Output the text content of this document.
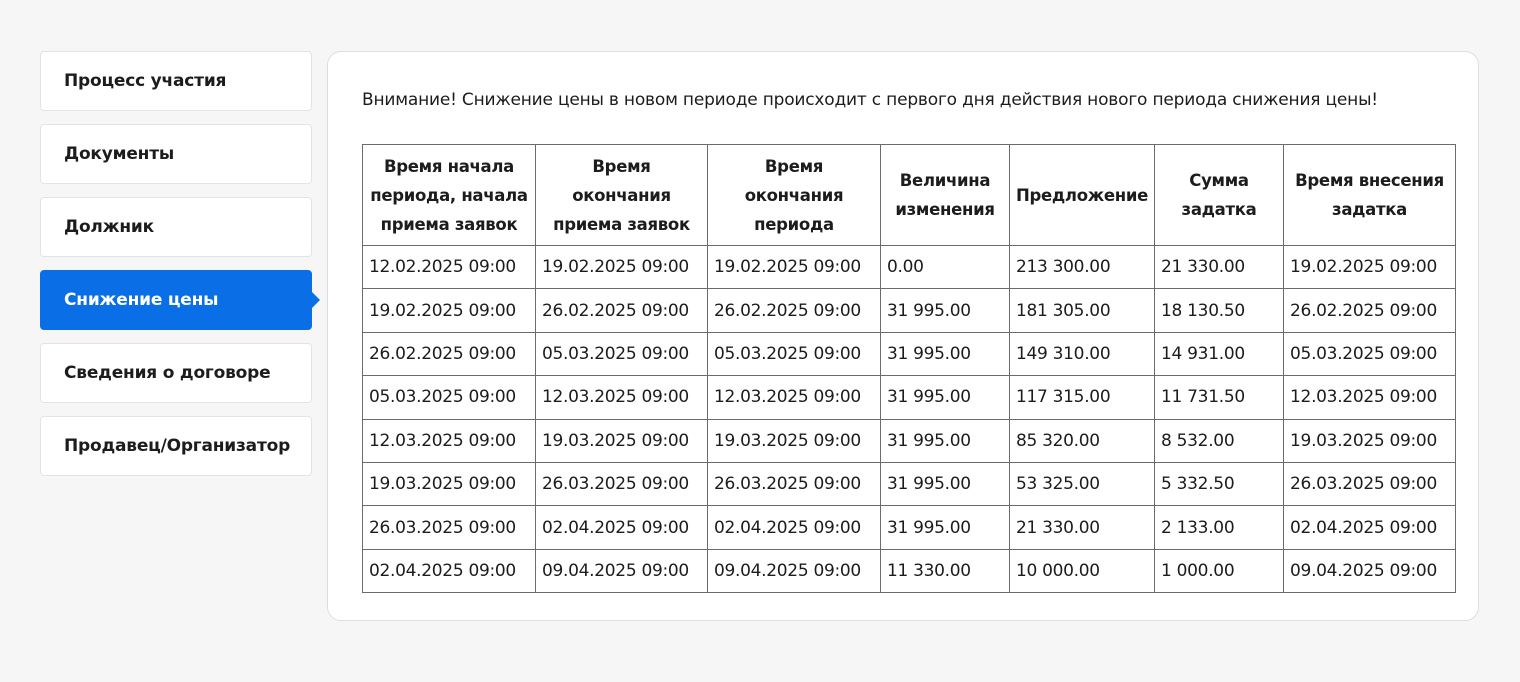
Процесс участия
Документы
Должник
Снижение цены
Сведения о договоре
Продавец/Организатор
Внимание! Снижение цены в новом периоде происходит с первого дня действия нового периода снижения цены!
Время начала периода, начала приема заявок	Время окончания приема заявок	Время окончания периода	Величина изменения	Предложение	Сумма задатка	Время внесения задатка
12.02.2025 09:00	19.02.2025 09:00	19.02.2025 09:00	0.00	213 300.00	21 330.00	19.02.2025 09:00
19.02.2025 09:00	26.02.2025 09:00	26.02.2025 09:00	31 995.00	181 305.00	18 130.50	26.02.2025 09:00
26.02.2025 09:00	05.03.2025 09:00	05.03.2025 09:00	31 995.00	149 310.00	14 931.00	05.03.2025 09:00
05.03.2025 09:00	12.03.2025 09:00	12.03.2025 09:00	31 995.00	117 315.00	11 731.50	12.03.2025 09:00
12.03.2025 09:00	19.03.2025 09:00	19.03.2025 09:00	31 995.00	85 320.00	8 532.00	19.03.2025 09:00
19.03.2025 09:00	26.03.2025 09:00	26.03.2025 09:00	31 995.00	53 325.00	5 332.50	26.03.2025 09:00
26.03.2025 09:00	02.04.2025 09:00	02.04.2025 09:00	31 995.00	21 330.00	2 133.00	02.04.2025 09:00
02.04.2025 09:00	09.04.2025 09:00	09.04.2025 09:00	11 330.00	10 000.00	1 000.00	09.04.2025 09:00
